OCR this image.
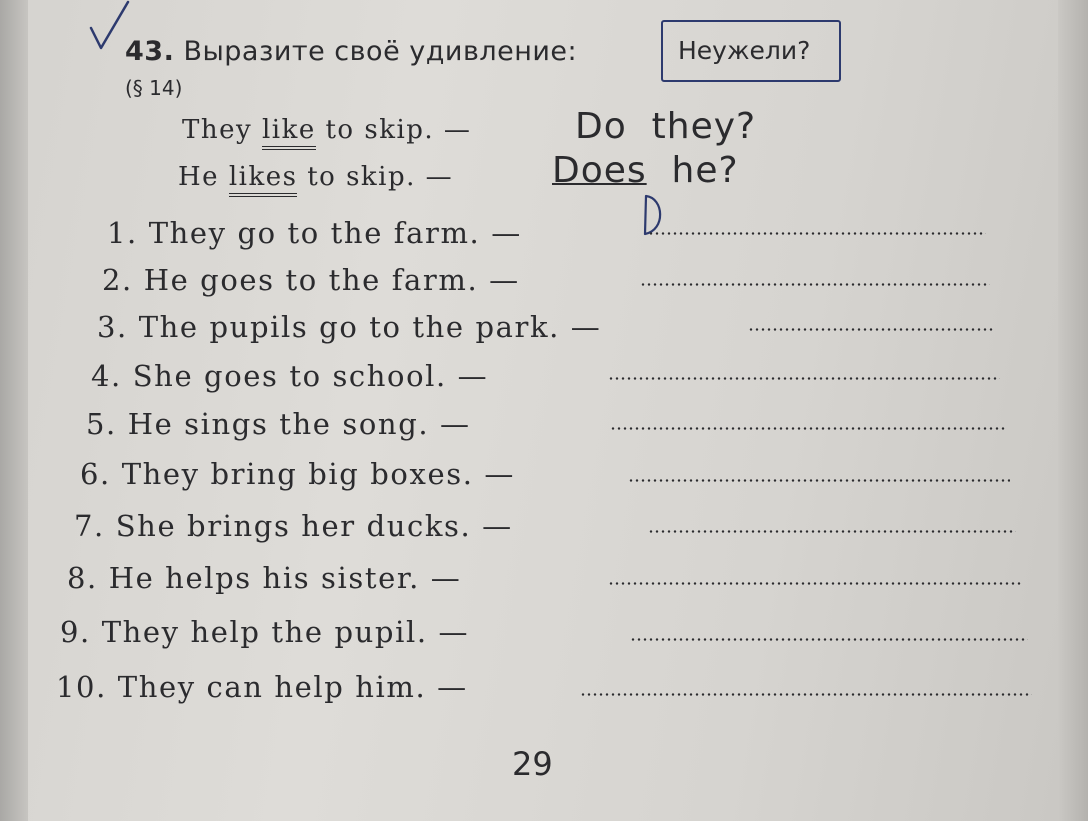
43. Выразите своё удивление:	Неужели?
(§ 14)
They like to skip. —	Do they?
He likes to skip. —	Does he?
1. They go to the farm. —
2. He goes to the farm. —
3. The pupils go to the park. —
4. She goes to school. —
5. He sings the song. —
6. They bring big boxes. —
7. She brings her ducks. —
8. He helps his sister. —
9. They help the pupil. —
10. They can help him. —
29
